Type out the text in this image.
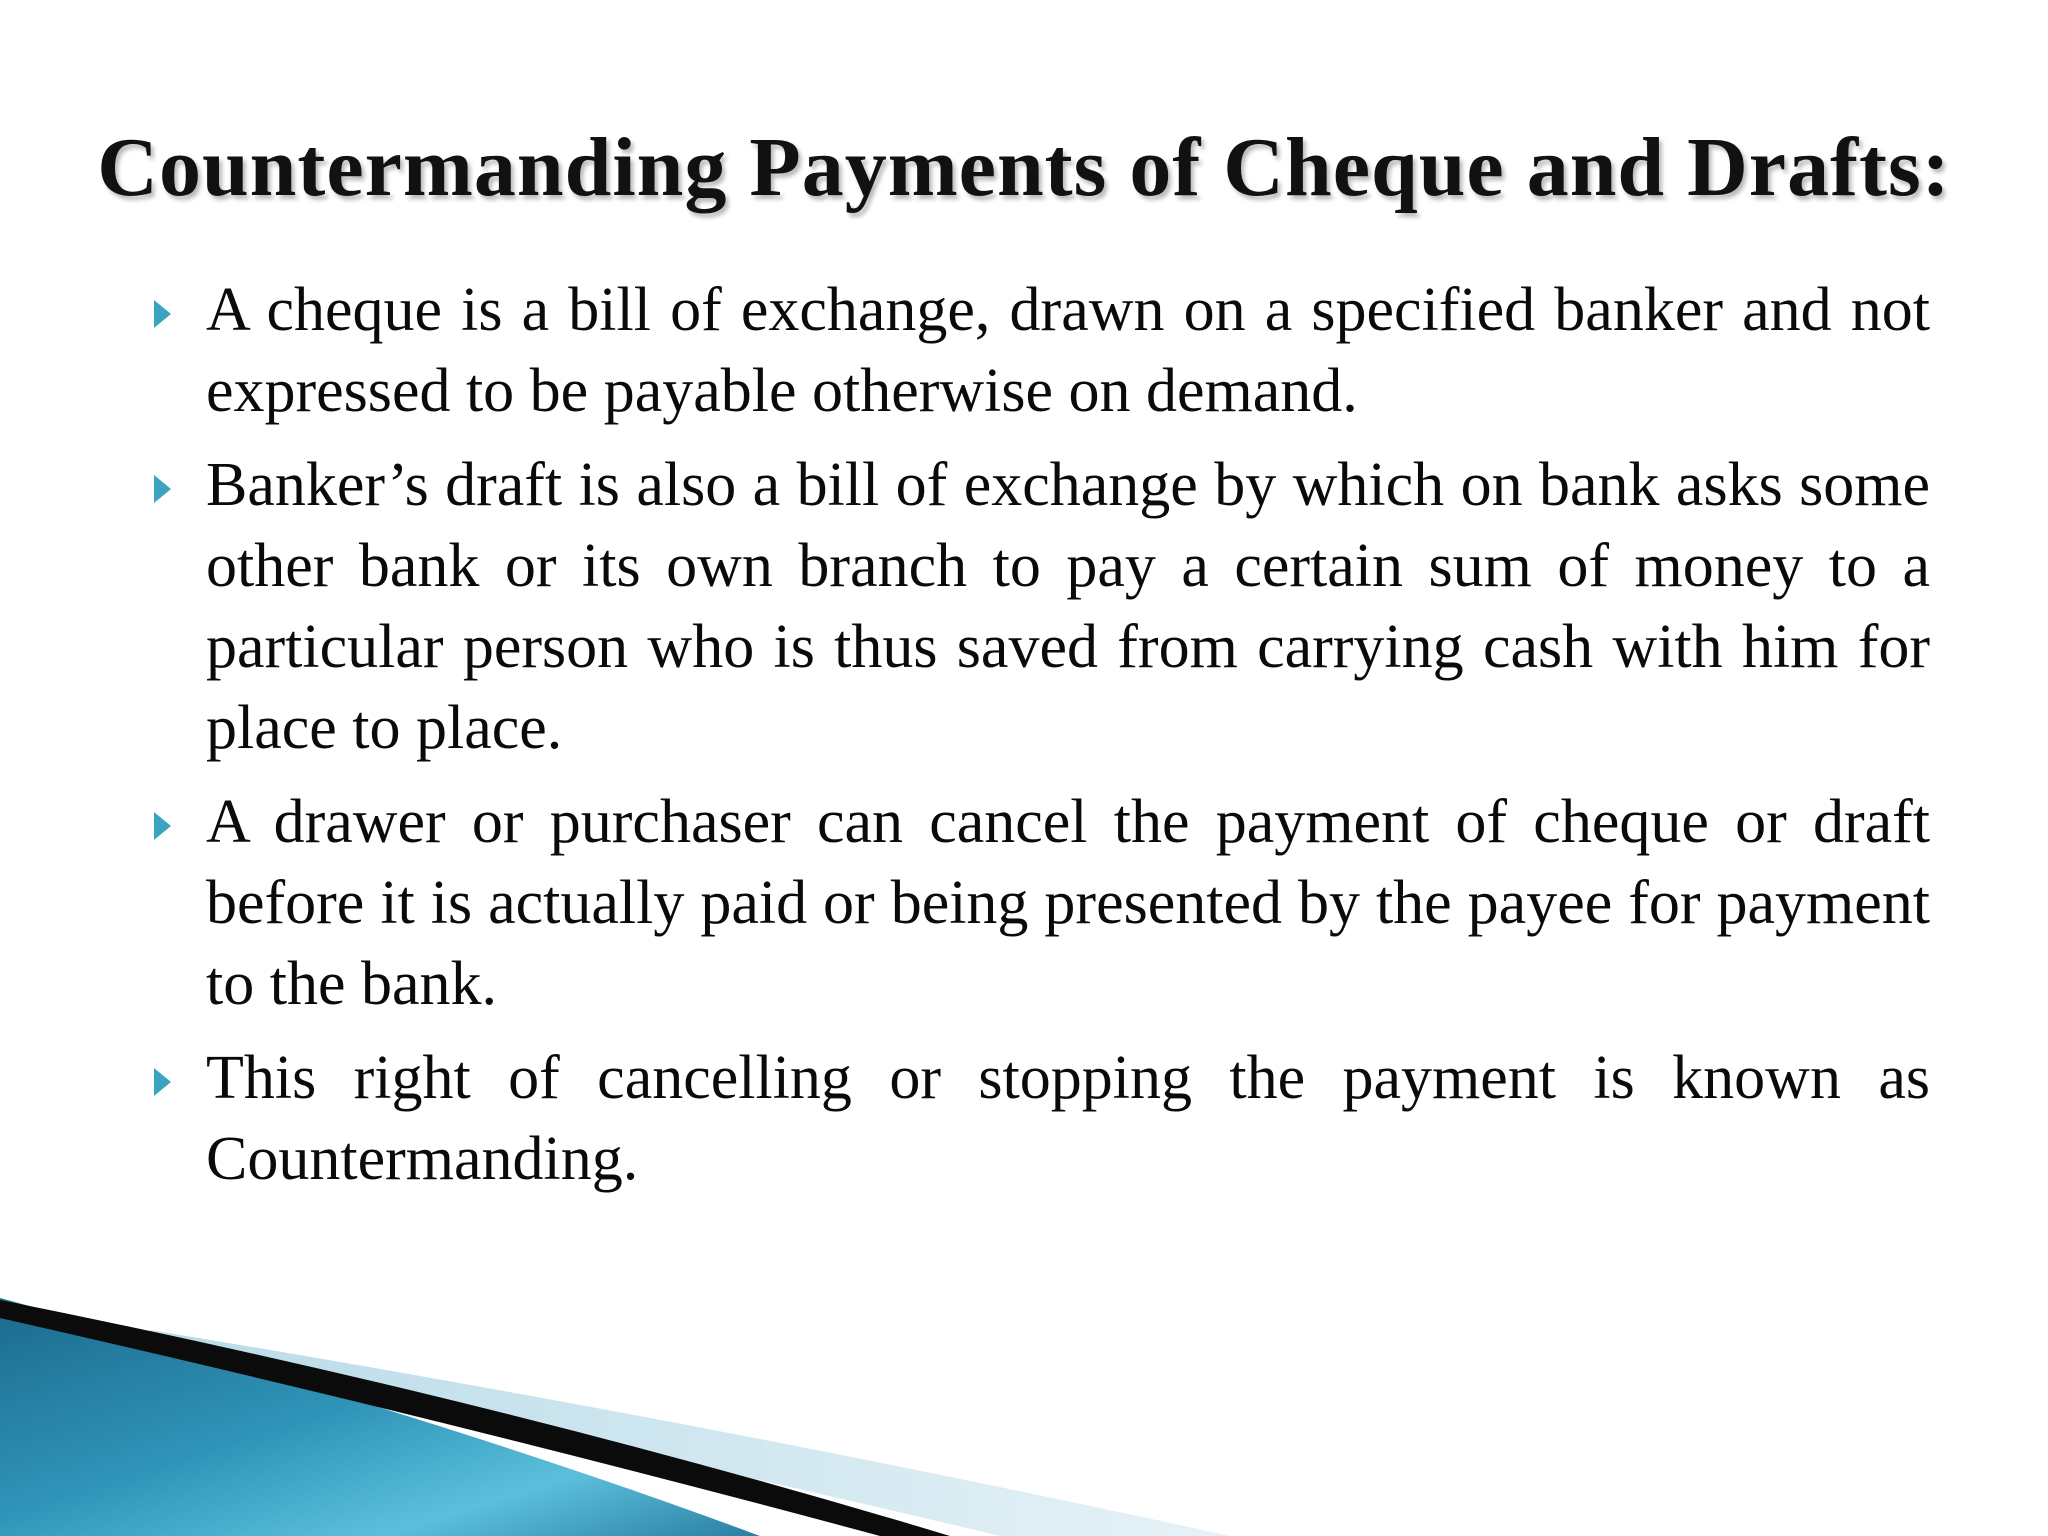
Countermanding Payments of Cheque and Drafts:
A cheque is a bill of exchange, drawn on a specified banker and not expressed to be payable otherwise on demand.
Banker’s draft is also a bill of exchange by which on bank asks some other bank or its own branch to pay a certain sum of money to a particular person who is thus saved from carrying cash with him for place to place.
A drawer or purchaser can cancel the payment of cheque or draft before it is actually paid or being presented by the payee for payment to the bank.
This right of cancelling or stopping the payment is known as Countermanding.
